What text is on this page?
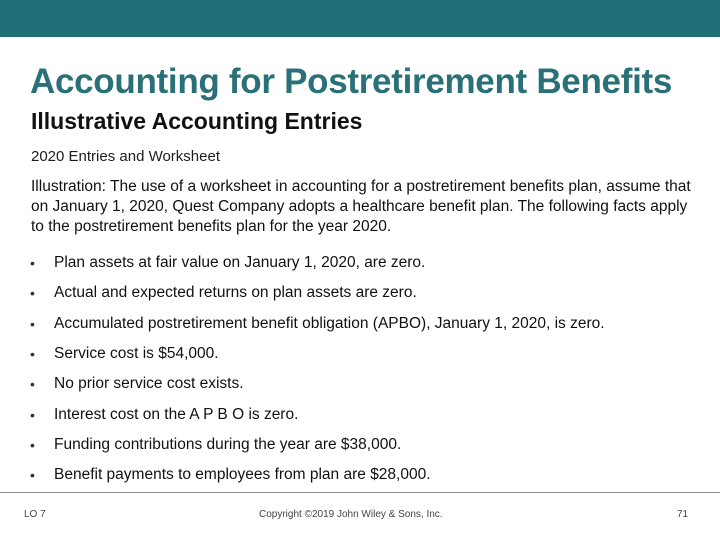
Accounting for Postretirement Benefits
Illustrative Accounting Entries
2020 Entries and Worksheet
Illustration: The use of a worksheet in accounting for a postretirement benefits plan, assume that on January 1, 2020, Quest Company adopts a healthcare benefit plan. The following facts apply to the postretirement benefits plan for the year 2020.
•	Plan assets at fair value on January 1, 2020, are zero.
•	Actual and expected returns on plan assets are zero.
•	Accumulated postretirement benefit obligation (APBO), January 1, 2020, is zero.
•	Service cost is $54,000.
•	No prior service cost exists.
•	Interest cost on the A P B O is zero.
•	Funding contributions during the year are $38,000.
•	Benefit payments to employees from plan are $28,000.
LO 7	Copyright ©2019 John Wiley & Sons, Inc.	71
